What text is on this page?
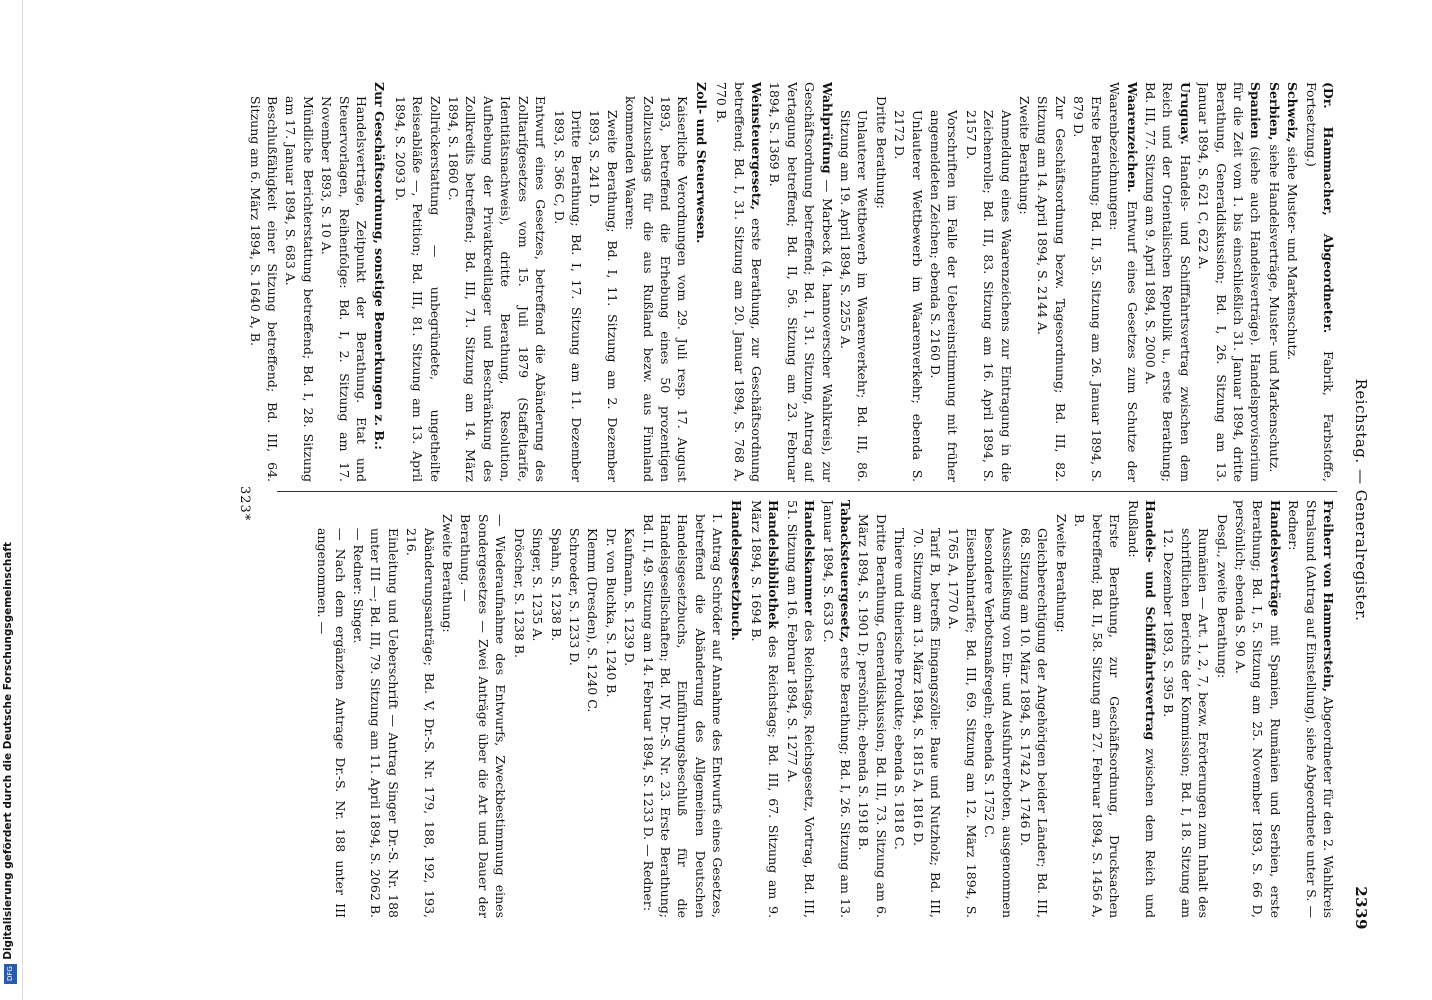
Digitalisierung gefördert durch die Deutsche Forschungsgemeinschaft
DFG
Reichstag. — Generalregister.
2339
(Dr. Hammacher, Abgeordneter. Fabrik, Farbstoffe, Fortsetzung.)
Schweiz, siehe Muster- und Markenschutz.
Serbien, siehe Handelsverträge, Muster- und Markenschutz.
Spanien (siehe auch Handelsverträge). Handelsprovisorium für die Zeit vom 1. bis einschließlich 31. Januar 1894, dritte Berathung, Generaldiskussion; Bd. I, 26. Sitzung am 13. Januar 1894, S. 621 C, 622 A.
Uruguay. Handels- und Schifffahrtsvertrag zwischen dem Reich und der Orientalischen Republik u., erste Berathung; Bd. III, 77. Sitzung am 9. April 1894, S. 2000 A.
Waarenzeichen. Entwurf eines Gesetzes zum Schutze der Waarenbezeichnungen:
Erste Berathung; Bd. II, 35. Sitzung am 26. Januar 1894, S. 879 D.
Zur Geschäftsordnung bezw. Tagesordnung; Bd. III, 82. Sitzung am 14. April 1894, S. 2144 A.
Zweite Berathung:
Anmeldung eines Waarenzeichens zur Eintragung in die Zeichenrolle; Bd. III, 83. Sitzung am 16. April 1894, S. 2157 D.
Vorschriften im Falle der Uebereinstimmung mit früher angemeldeten Zeichen; ebenda S. 2160 D.
Unlauterer Wettbewerb im Waarenverkehr; ebenda S. 2172 D.
Dritte Berathung:
Unlauterer Wettbewerb im Waarenverkehr; Bd. III, 86. Sitzung am 19. April 1894, S. 2255 A.
Wahlprüfung — Marbeck (4. hannoverscher Wahlkreis), zur Geschäftsordnung betreffend; Bd. I, 31. Sitzung, Antrag auf Vertagung betreffend; Bd. II, 56. Sitzung am 23. Februar 1894, S. 1369 B.
Weinsteuergesetz, erste Berathung, zur Geschäftsordnung betreffend; Bd. I, 31. Sitzung am 20. Januar 1894, S. 768 A, 770 B.
Zoll- und Steuerwesen.
Kaiserliche Verordnungen vom 29. Juli resp. 17. August 1893, betreffend die Erhebung eines 50 prozentigen Zollzuschlags für die aus Rußland bezw. aus Finnland kommenden Waaren:
Zweite Berathung; Bd. I, 11. Sitzung am 2. Dezember 1893, S. 241 D.
Dritte Berathung; Bd. I, 17. Sitzung am 11. Dezember 1893, S. 366 C, D.
Entwurf eines Gesetzes, betreffend die Abänderung des Zolltarifgesetzes vom 15. Juli 1879 (Staffeltarife, Identitätsnachweis), dritte Berathung, Resolution, Aufhebung der Privatkreditlager und Beschränkung des Zollkredits betreffend; Bd. III, 71. Sitzung am 14. März 1894, S. 1860 C.
Zollrückerstattung — unbegründete, ungetheilte Reiseabläße —, Petition; Bd. III, 81. Sitzung am 13. April 1894, S. 2093 D.
Zur Geschäftsordnung, sonstige Bemerkungen z. B.:
Handelsverträge, Zeitpunkt der Berathung. Etat und Steuervorlagen, Reihenfolge: Bd. I, 2. Sitzung am 17. November 1893, S. 10 A.
Mündliche Berichterstattung betreffend; Bd. I, 28. Sitzung am 17. Januar 1894, S. 683 A.
Beschlußfähigkeit einer Sitzung betreffend; Bd. III, 64. Sitzung am 6. März 1894, S. 1640 A, B.
Freiherr von Hammerstein, Abgeordneter für den 2. Wahlkreis Stralsund (Antrag auf Einstellung), siehe Abgeordnete unter S. — Redner:
Handelsverträge mit Spanien, Rumänien und Serbien, erste Berathung; Bd. I, 5. Sitzung am 25. November 1893, S. 66 D, persönlich; ebenda S. 90 A.
Desgl., zweite Berathung:
Rumänien — Art. 1, 2, 7, bezw. Erörterungen zum Inhalt des schriftlichen Berichts der Kommission; Bd. I, 18. Sitzung am 12. Dezember 1893, S. 395 B.
Handels- und Schifffahrtsvertrag zwischen dem Reich und Rußland:
Erste Berathung, zur Geschäftsordnung, Drucksachen betreffend; Bd. II, 58. Sitzung am 27. Februar 1894, S. 1456 A, B.
Zweite Berathung:
Gleichberechtigung der Angehörigen beider Länder; Bd. III, 68. Sitzung am 10. März 1894, S. 1742 A, 1746 D.
Ausschließung von Ein- und Ausfuhrverboten, ausgenommen besondere Verbotsmaßregeln; ebenda S. 1752 C.
Eisenbahntarife; Bd. III, 69. Sitzung am 12. März 1894, S. 1765 A, 1770 A.
Tarif B, betreffs Eingangszölle: Baue und Nutzholz; Bd. III, 70. Sitzung am 13. März 1894, S. 1815 A, 1816 D.
Thiere und thierische Produkte; ebenda S. 1818 C.
Dritte Berathung, Generaldiskussion; Bd. III, 73. Sitzung am 6. März 1894, S. 1901 D; persönlich; ebenda S. 1918 B.
Tabacksteuergesetz, erste Berathung; Bd. I, 26. Sitzung am 13. Januar 1894, S. 633 C.
Handelskammer des Reichstags, Reichsgesetz, Vortrag, Bd. III, 51. Sitzung am 16. Februar 1894, S. 1277 A.
Handelsbibliothek des Reichstags; Bd. III, 67. Sitzung am 9. März 1894, S. 1694 B.
Handelsgesetzbuch.
I. Antrag Schröder auf Annahme des Entwurfs eines Gesetzes, betreffend die Abänderung des Allgemeinen Deutschen Handelsgesetzbuchs, Einführungsbeschluß für die Handelsgesellschaften; Bd. IV, Dr.-S. Nr. 23. Erste Berathung; Bd. II, 49. Sitzung am 14. Februar 1894, S. 1233 D. — Redner:
Kaufmann, S. 1239 D.
Dr. von Buchka, S. 1240 B.
Klemm (Dresden), S. 1240 C.
Schroeder, S. 1233 D.
Spahn, S. 1238 B.
Singer, S. 1235 A.
Dröscher, S. 1238 B.
— Wiederaufnahme des Entwurfs, Zweckbestimmung eines Sondergesetzes — Zwei Anträge über die Art und Dauer der Berathung. —
Zweite Berathung:
Abänderungsanträge; Bd. V, Dr.-S. Nr. 179, 188, 192, 193, 216.
Einleitung und Ueberschrift — Antrag Singer Dr.-S. Nr. 188 unter III —; Bd. III, 79. Sitzung am 11. April 1894, S. 2062 B. — Redner: Singer.
— Nach dem ergänzten Antrage Dr.-S. Nr. 188 unter III angenommen. —
323*
